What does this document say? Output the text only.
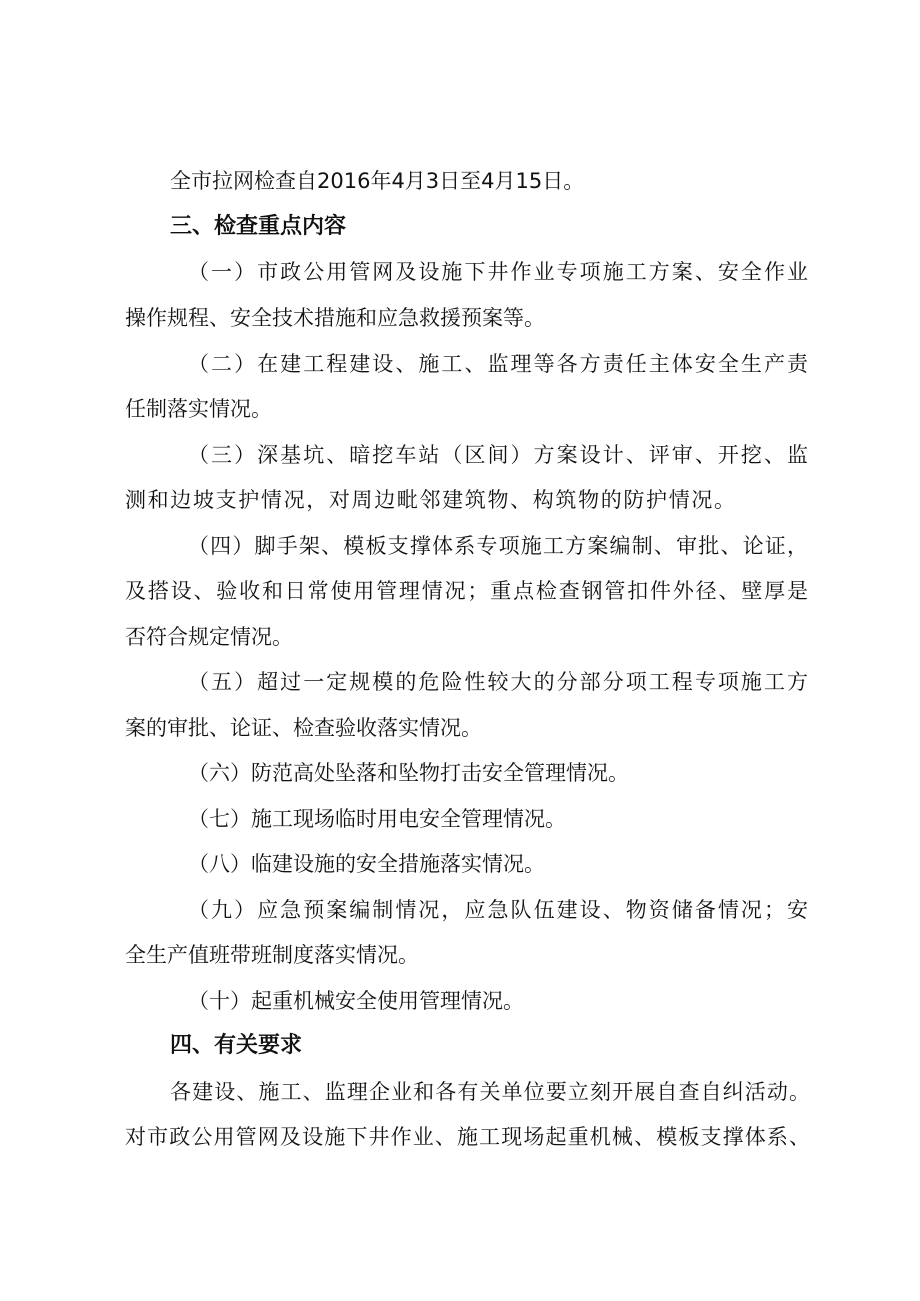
全市拉网检查自2016年4月3日至4月15日。
三、检查重点内容
（一）市政公用管网及设施下井作业专项施工方案、安全作业
操作规程、安全技术措施和应急救援预案等。
（二）在建工程建设、施工、监理等各方责任主体安全生产责
任制落实情况。
（三）深基坑、暗挖车站（区间）方案设计、评审、开挖、监
测和边坡支护情况，对周边毗邻建筑物、构筑物的防护情况。
（四）脚手架、模板支撑体系专项施工方案编制、审批、论证，
及搭设、验收和日常使用管理情况；重点检查钢管扣件外径、壁厚是
否符合规定情况。
（五）超过一定规模的危险性较大的分部分项工程专项施工方
案的审批、论证、检查验收落实情况。
（六）防范高处坠落和坠物打击安全管理情况。
（七）施工现场临时用电安全管理情况。
（八）临建设施的安全措施落实情况。
（九）应急预案编制情况，应急队伍建设、物资储备情况；安
全生产值班带班制度落实情况。
（十）起重机械安全使用管理情况。
四、有关要求
各建设、施工、监理企业和各有关单位要立刻开展自查自纠活动。
对市政公用管网及设施下井作业、施工现场起重机械、模板支撑体系、
